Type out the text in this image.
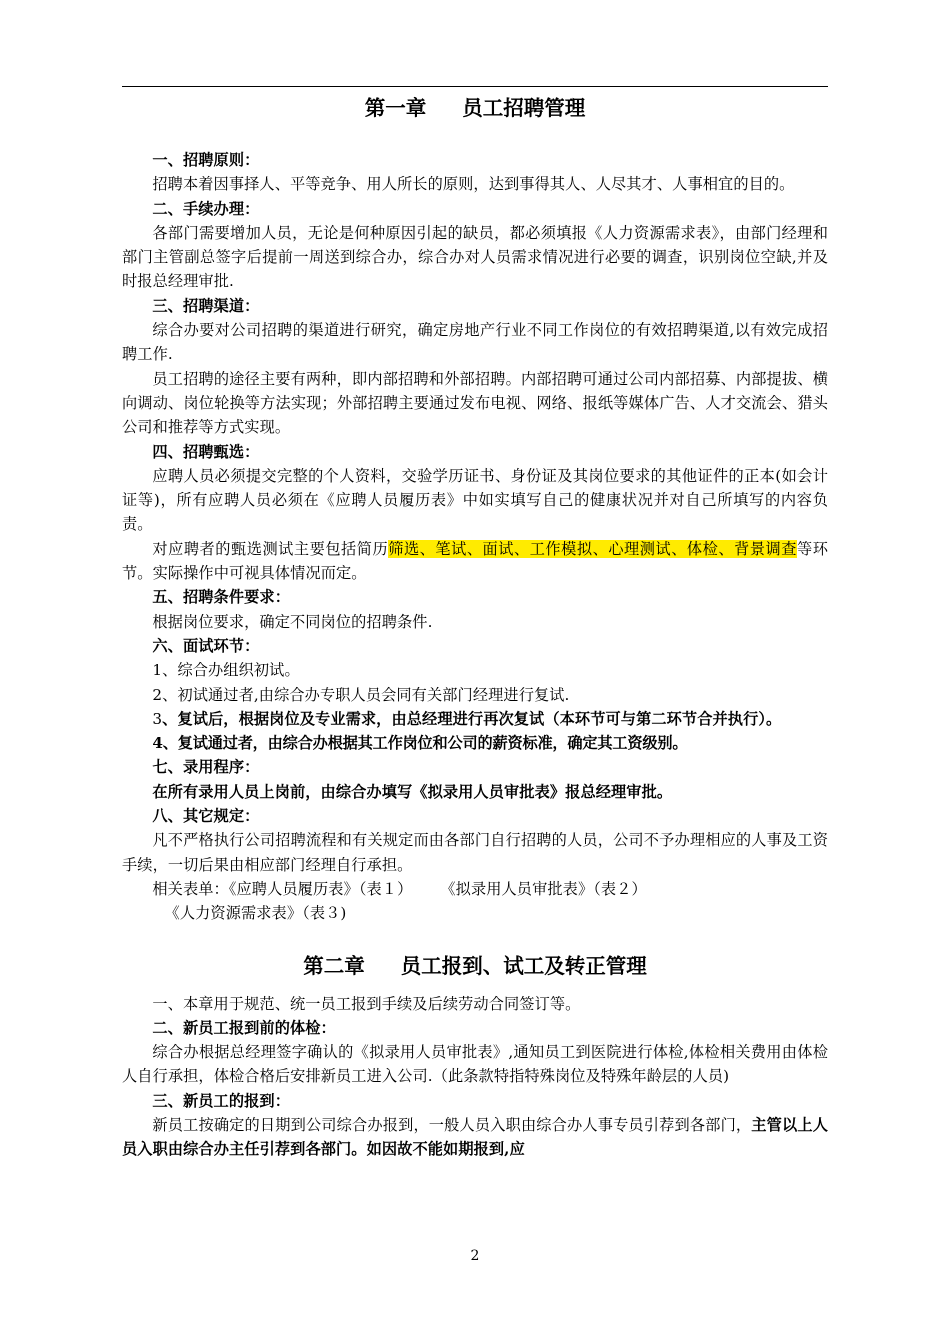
第一章 员工招聘管理

一、招聘原则：

招聘本着因事择人、平等竞争、用人所长的原则，达到事得其人、人尽其才、人事相宜的目的。

二、手续办理：

各部门需要增加人员，无论是何种原因引起的缺员，都必须填报《人力资源需求表》，由部门经理和部门主管副总签字后提前一周送到综合办，综合办对人员需求情况进行必要的调查，识别岗位空缺,并及时报总经理审批.

三、招聘渠道：

综合办要对公司招聘的渠道进行研究，确定房地产行业不同工作岗位的有效招聘渠道,以有效完成招聘工作.

员工招聘的途径主要有两种，即内部招聘和外部招聘。内部招聘可通过公司内部招募、内部提拔、横向调动、岗位轮换等方法实现；外部招聘主要通过发布电视、网络、报纸等媒体广告、人才交流会、猎头公司和推荐等方式实现。

四、招聘甄选：

应聘人员必须提交完整的个人资料，交验学历证书、身份证及其岗位要求的其他证件的正本(如会计证等)，所有应聘人员必须在《应聘人员履历表》中如实填写自己的健康状况并对自己所填写的内容负责。

对应聘者的甄选测试主要包括简历筛选、笔试、面试、工作模拟、心理测试、体检、背景调查等环节。实际操作中可视具体情况而定。

五、招聘条件要求：

根据岗位要求，确定不同岗位的招聘条件.

六、面试环节：

1、综合办组织初试。

2、初试通过者,由综合办专职人员会同有关部门经理进行复试.

3、复试后，根据岗位及专业需求，由总经理进行再次复试（本环节可与第二环节合并执行）。

4、复试通过者，由综合办根据其工作岗位和公司的薪资标准，确定其工资级别。

七、录用程序：

在所有录用人员上岗前，由综合办填写《拟录用人员审批表》报总经理审批。

八、其它规定：

凡不严格执行公司招聘流程和有关规定而由各部门自行招聘的人员，公司不予办理相应的人事及工资手续，一切后果由相应部门经理自行承担。

相关表单：《应聘人员履历表》（表１） 《拟录用人员审批表》（表２）

《人力资源需求表》（表３)

第二章 员工报到、试工及转正管理

一、本章用于规范、统一员工报到手续及后续劳动合同签订等。

二、新员工报到前的体检：

综合办根据总经理签字确认的《拟录用人员审批表》,通知员工到医院进行体检,体检相关费用由体检人自行承担，体检合格后安排新员工进入公司.（此条款特指特殊岗位及特殊年龄层的人员)

三、新员工的报到：

新员工按确定的日期到公司综合办报到，一般人员入职由综合办人事专员引荐到各部门，主管以上人员入职由综合办主任引荐到各部门。如因故不能如期报到,应

2
